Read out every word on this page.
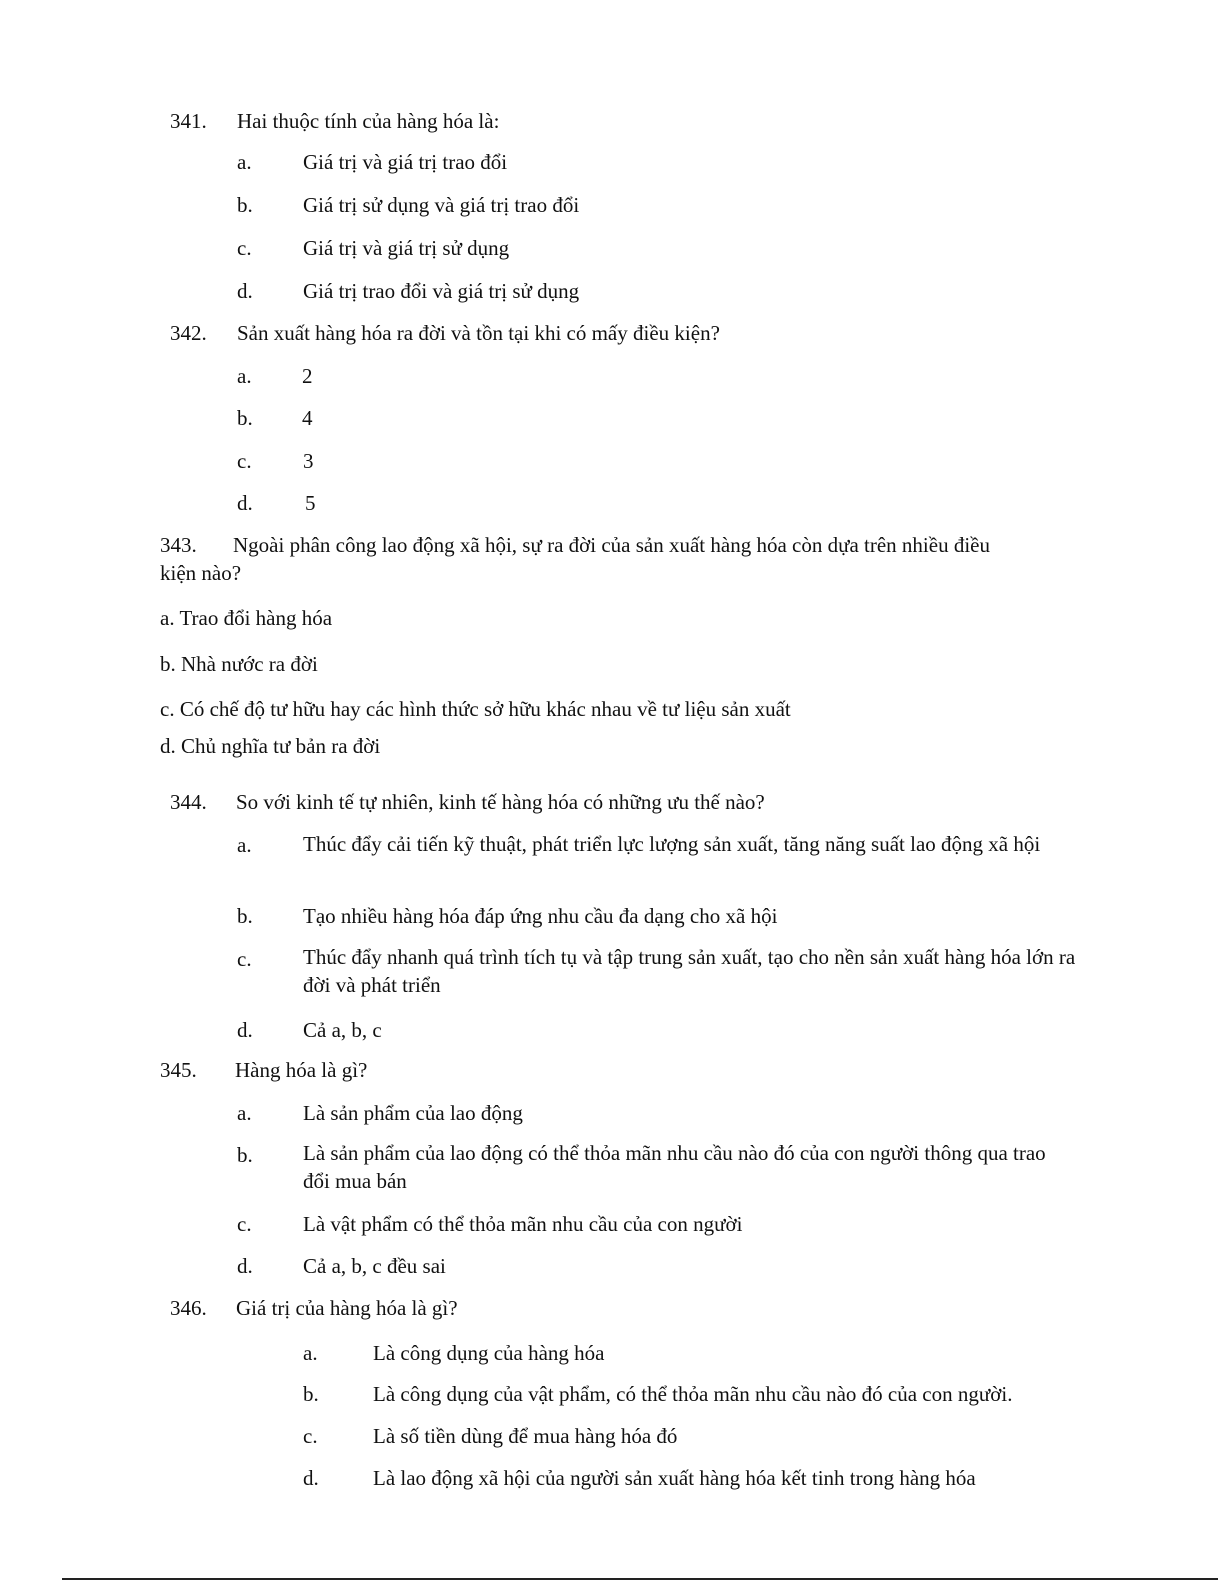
341. Hai thuộc tính của hàng hóa là:
a. Giá trị và giá trị trao đổi
b. Giá trị sử dụng và giá trị trao đổi
c. Giá trị và giá trị sử dụng
d. Giá trị trao đổi và giá trị sử dụng
342. Sản xuất hàng hóa ra đời và tồn tại khi có mấy điều kiện?
a. 2
b. 4
c. 3
d. 5
343. Ngoài phân công lao động xã hội, sự ra đời của sản xuất hàng hóa còn dựa trên nhiều điều
kiện nào?
a. Trao đổi hàng hóa
b. Nhà nước ra đời
c. Có chế độ tư hữu hay các hình thức sở hữu khác nhau về tư liệu sản xuất
d. Chủ nghĩa tư bản ra đời
344. So với kinh tế tự nhiên, kinh tế hàng hóa có những ưu thế nào?
a. Thúc đẩy cải tiến kỹ thuật, phát triển lực lượng sản xuất, tăng năng suất lao động xã hội
b. Tạo nhiều hàng hóa đáp ứng nhu cầu đa dạng cho xã hội
c. Thúc đẩy nhanh quá trình tích tụ và tập trung sản xuất, tạo cho nền sản xuất hàng hóa lớn ra đời và phát triển
d. Cả a, b, c
345. Hàng hóa là gì?
a. Là sản phẩm của lao động
b. Là sản phẩm của lao động có thể thỏa mãn nhu cầu nào đó của con người thông qua trao đổi mua bán
c. Là vật phẩm có thể thỏa mãn nhu cầu của con người
d. Cả a, b, c đều sai
346. Giá trị của hàng hóa là gì?
a.	Là công dụng của hàng hóa
b.	Là công dụng của vật phẩm, có thể thỏa mãn nhu cầu nào đó của con người.
c.	Là số tiền dùng để mua hàng hóa đó
d.	Là lao động xã hội của người sản xuất hàng hóa kết tinh trong hàng hóa
